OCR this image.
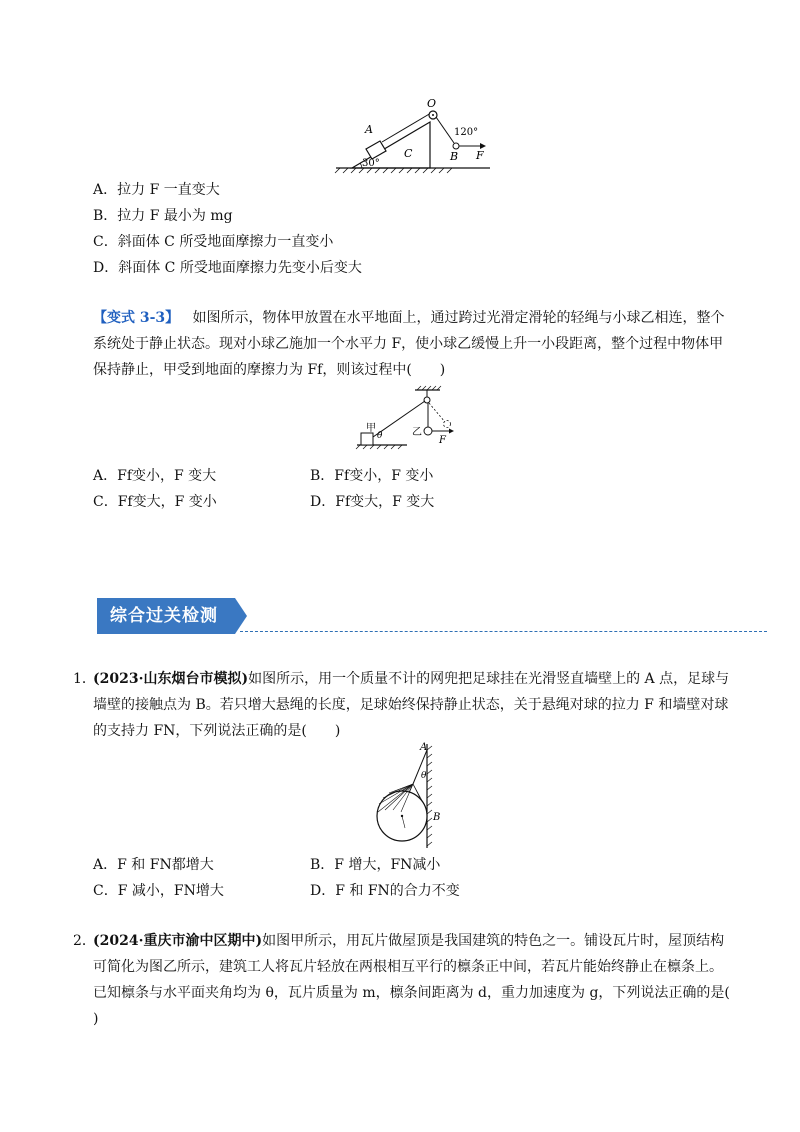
O
A
C	B F
120°
30°
A．拉力 F 一直变大
B．拉力 F 最小为 mg
C．斜面体 C 所受地面摩擦力一直变小
D．斜面体 C 所受地面摩擦力先变小后变大
【变式 3-3】 如图所示，物体甲放置在水平地面上，通过跨过光滑定滑轮的轻绳与小球乙相连，整个
系统处于静止状态。现对小球乙施加一个水平力 F，使小球乙缓慢上升一小段距离，整个过程中物体甲
保持静止，甲受到地面的摩擦力为 Ff，则该过程中(　　)
甲
θ	乙
F
A．Ff变小，F 变大	B．Ff变小，F 变小
C．Ff变大，F 变小	D．Ff变大，F 变大
综合过关检测
1．
(2023·山东烟台市模拟)如图所示，用一个质量不计的网兜把足球挂在光滑竖直墙壁上的 A 点，足球与
墙壁的接触点为 B。若只增大悬绳的长度，足球始终保持静止状态，关于悬绳对球的拉力 F 和墙壁对球
的支持力 FN，下列说法正确的是(　　)
A
θ
B
A．F 和 FN都增大	B．F 增大，FN减小
C．F 减小，FN增大	D．F 和 FN的合力不变
2．
(2024·重庆市渝中区期中)如图甲所示，用瓦片做屋顶是我国建筑的特色之一。铺设瓦片时，屋顶结构
可简化为图乙所示，建筑工人将瓦片轻放在两根相互平行的檩条正中间，若瓦片能始终静止在檩条上。
已知檩条与水平面夹角均为 θ，瓦片质量为 m，檩条间距离为 d，重力加速度为 g，下列说法正确的是(
)
